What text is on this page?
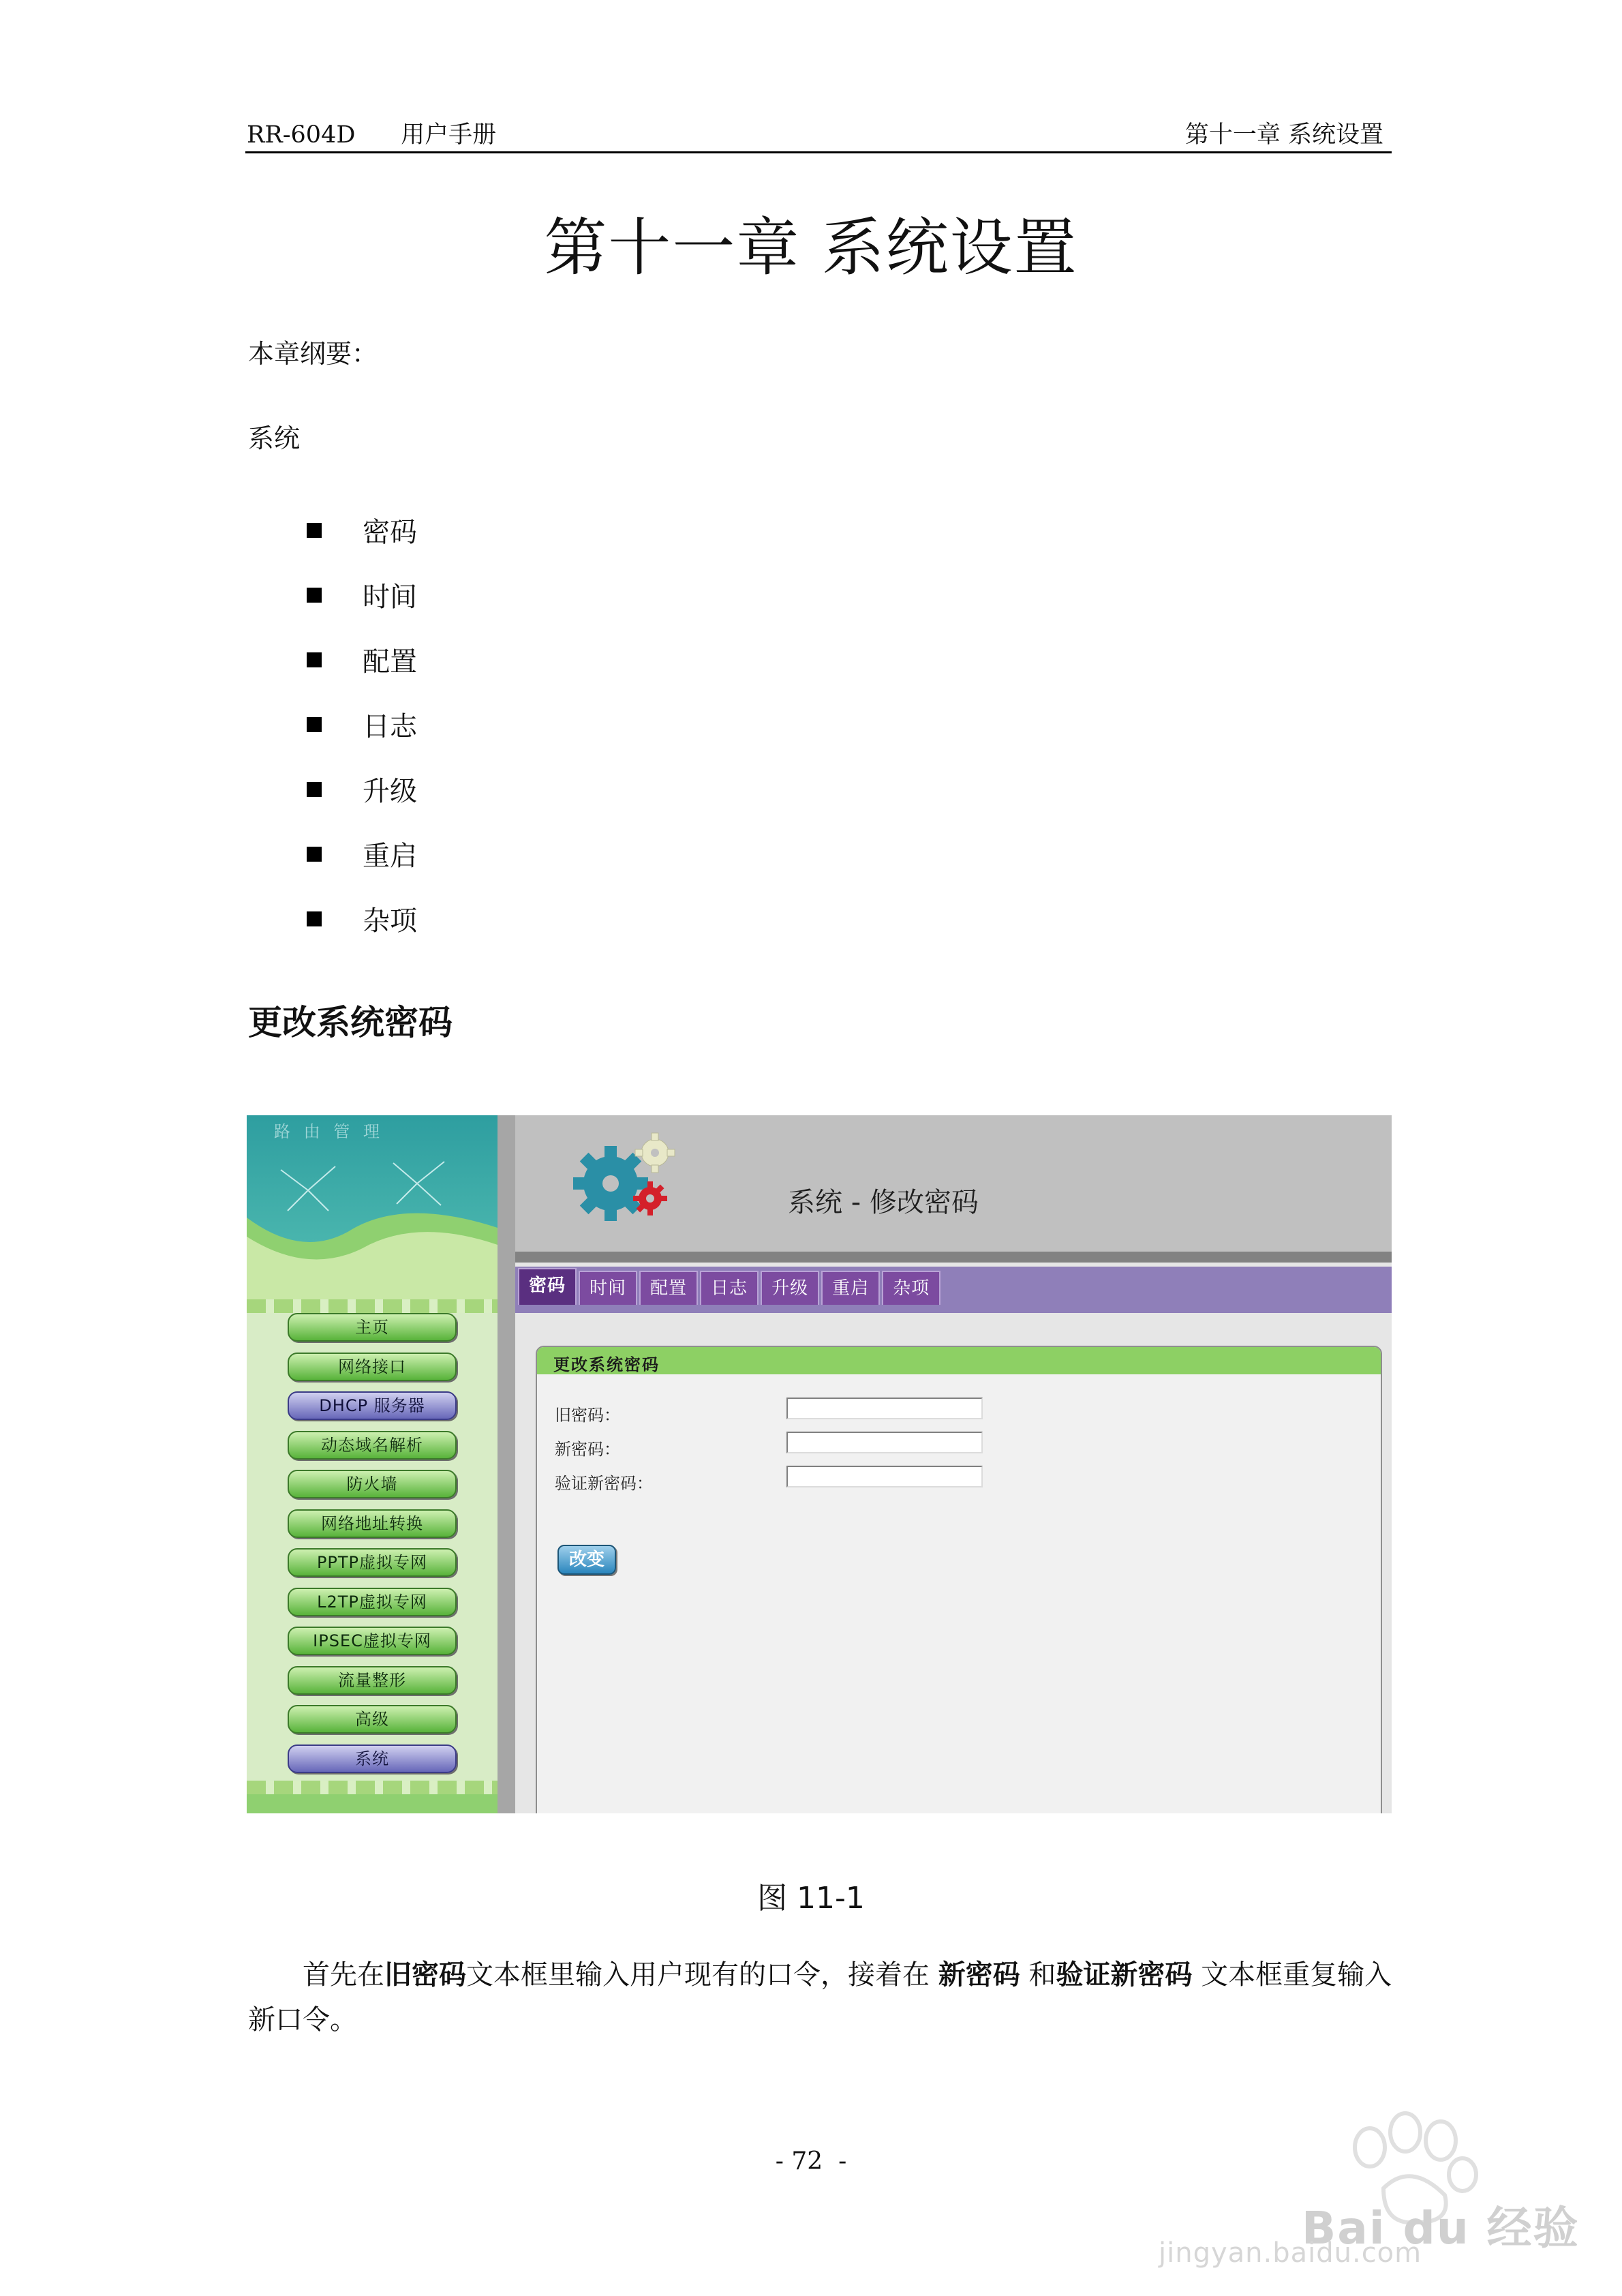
RR-604D      用户手册	第十一章 系统设置
第十一章 系统设置
本章纲要：
系统
密码
时间
配置
日志
升级
重启
杂项
更改系统密码
路 由 管 理
主页
网络接口
DHCP 服务器
动态域名解析
防火墙
网络地址转换
PPTP虚拟专网
L2TP虚拟专网
IPSEC虚拟专网
流量整形
高级
系统
系统 - 修改密码
密码	时间	配置	日志	升级	重启	杂项
更改系统密码
旧密码：
新密码：
验证新密码：
改变
图 11-1
首先在旧密码文本框里输入用户现有的口令，接着在 新密码 和验证新密码 文本框重复输入新口令。
- 72  -
Bai du 经验
jingyan.baidu.com
